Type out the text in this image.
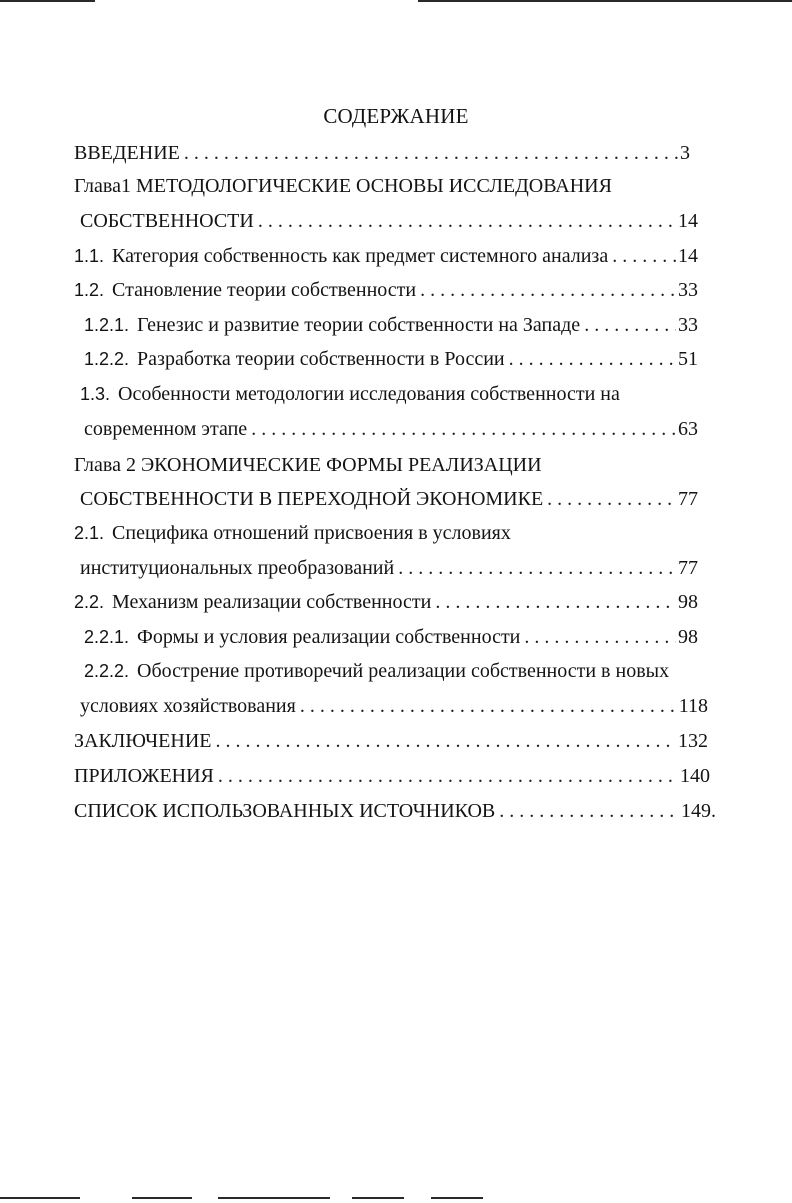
СОДЕРЖАНИЕ
ВВЕДЕНИЕ . . .	3
Глава1 МЕТОДОЛОГИЧЕСКИЕ ОСНОВЫ ИССЛЕДОВАНИЯ
СОБСТВЕННОСТИ . . .	14
1.1. Категория собственность как предмет системного анализа . . .	14
1.2. Становление теории собственности . . .	33
1.2.1. Генезис и развитие теории собственности на Западе . . .	33
1.2.2. Разработка теории собственности в России . . .	51
1.3. Особенности методологии исследования собственности на
современном этапе . . .	63
Глава 2 ЭКОНОМИЧЕСКИЕ ФОРМЫ РЕАЛИЗАЦИИ
СОБСТВЕННОСТИ В ПЕРЕХОДНОЙ ЭКОНОМИКЕ . . .	77
2.1. Специфика отношений присвоения в условиях
институциональных преобразований . . .	77
2.2. Механизм реализации собственности . . .	98
2.2.1. Формы и условия реализации собственности . . .	98
2.2.2. Обострение противоречий реализации собственности в новых
условиях хозяйствования . . .	118
ЗАКЛЮЧЕНИЕ . . .	132
ПРИЛОЖЕНИЯ . . .	140
СПИСОК ИСПОЛЬЗОВАННЫХ ИСТОЧНИКОВ . . .	149.
